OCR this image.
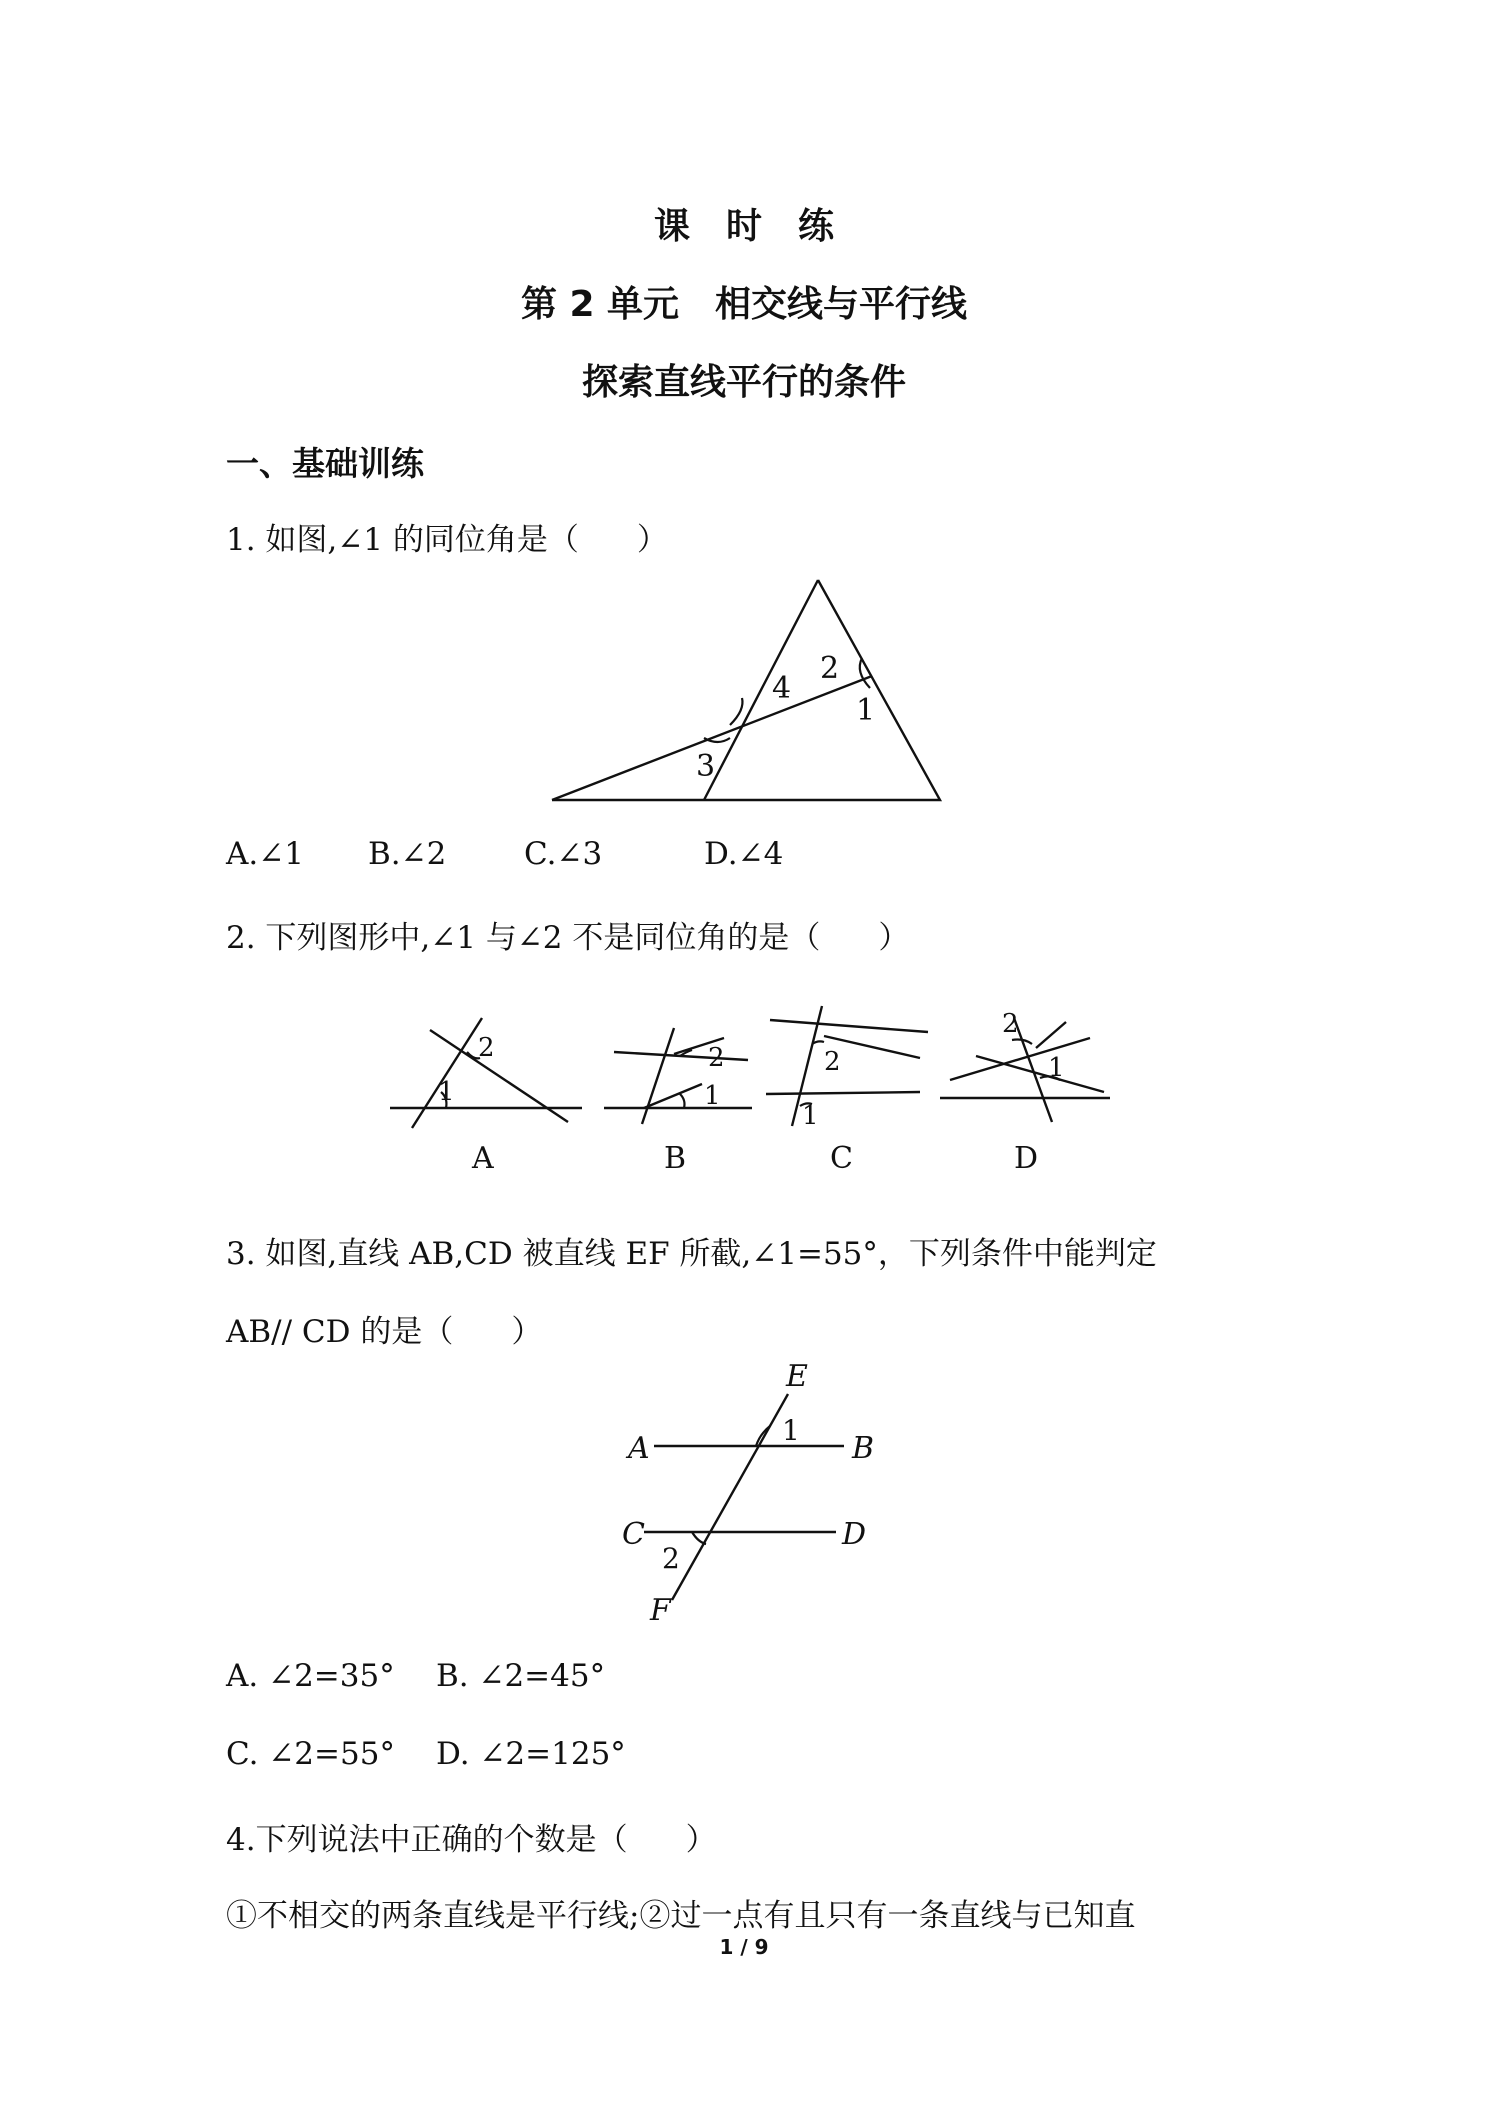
课　时　练
第 2 单元　相交线与平行线
探索直线平行的条件
一、基础训练
1. 如图,∠1 的同位角是（ ）
4
2
1
3
A.∠1 B.∠2	C.∠3	D.∠4
2. 下列图形中,∠1 与∠2 不是同位角的是（ ）
2
1
A
2
1
B
2
1
C
2
1
D
3. 如图,直线 AB,CD 被直线 EF 所截,∠1=55°，下列条件中能判定
AB// CD 的是（ ）
E
A	B
C	D
F
1
2
A. ∠2=35° B. ∠2=45°
C. ∠2=55° D. ∠2=125°
4.下列说法中正确的个数是（ ）
①不相交的两条直线是平行线;②过一点有且只有一条直线与已知直
1 / 9
